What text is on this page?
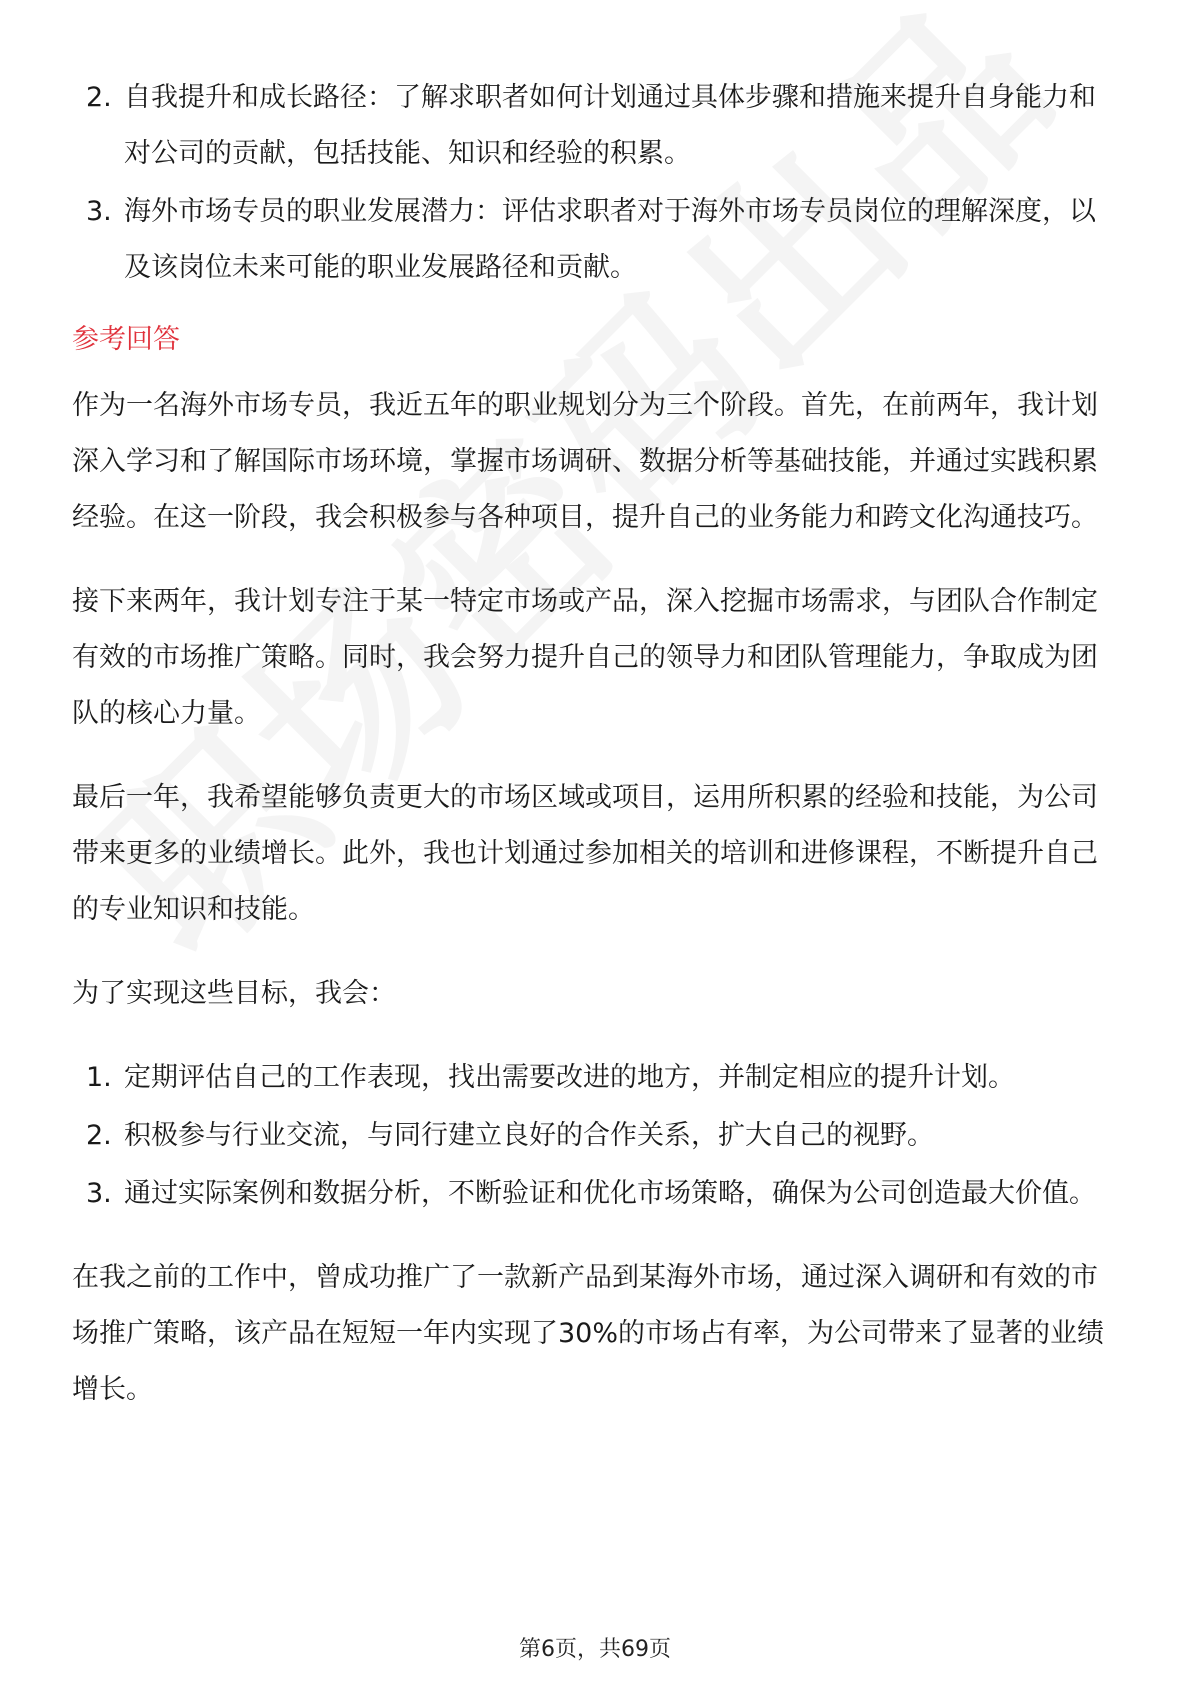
2. 自我提升和成长路径：了解求职者如何计划通过具体步骤和措施来提升自身能力和对公司的贡献，包括技能、知识和经验的积累。
3. 海外市场专员的职业发展潜力：评估求职者对于海外市场专员岗位的理解深度，以及该岗位未来可能的职业发展路径和贡献。
参考回答

作为一名海外市场专员，我近五年的职业规划分为三个阶段。首先，在前两年，我计划深入学习和了解国际市场环境，掌握市场调研、数据分析等基础技能，并通过实践积累经验。在这一阶段，我会积极参与各种项目，提升自己的业务能力和跨文化沟通技巧。

接下来两年，我计划专注于某一特定市场或产品，深入挖掘市场需求，与团队合作制定有效的市场推广策略。同时，我会努力提升自己的领导力和团队管理能力，争取成为团队的核心力量。

最后一年，我希望能够负责更大的市场区域或项目，运用所积累的经验和技能，为公司带来更多的业绩增长。此外，我也计划通过参加相关的培训和进修课程，不断提升自己的专业知识和技能。

为了实现这些目标，我会：

1. 定期评估自己的工作表现，找出需要改进的地方，并制定相应的提升计划。
2. 积极参与行业交流，与同行建立良好的合作关系，扩大自己的视野。
3. 通过实际案例和数据分析，不断验证和优化市场策略，确保为公司创造最大价值。

在我之前的工作中，曾成功推广了一款新产品到某海外市场，通过深入调研和有效的市场推广策略，该产品在短短一年内实现了30%的市场占有率，为公司带来了显著的业绩增长。

第6页，共69页
